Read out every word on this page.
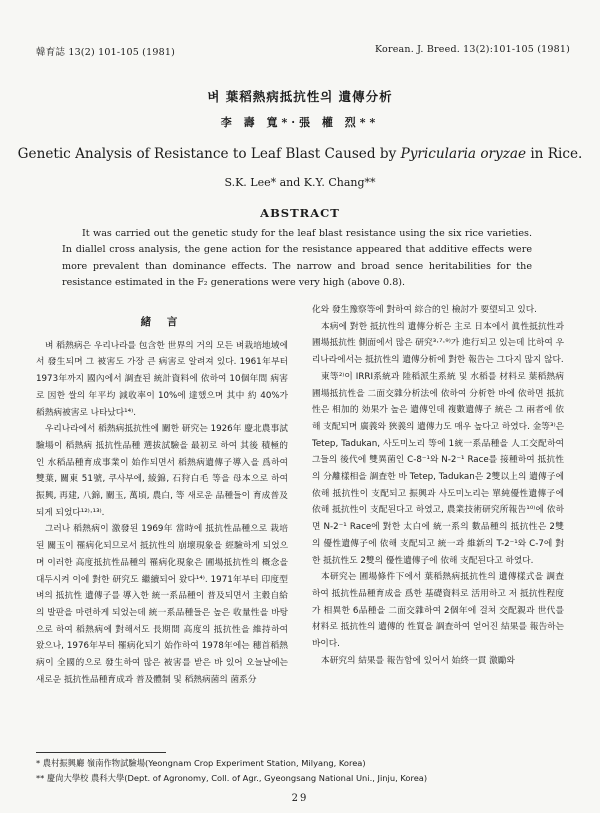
韓育誌 13(2) 101-105 (1981)	Korean. J. Breed. 13(2):101-105 (1981)
벼 葉稻熱病抵抗性의 遺傳分析
李 壽 寬*·張 權 烈**
Genetic Analysis of Resistance to Leaf Blast Caused by Pyricularia oryzae in Rice.
S.K. Lee* and K.Y. Chang**
ABSTRACT
It was carried out the genetic study for the leaf blast resistance using the six rice varieties. In diallel cross analysis, the gene action for the resistance appeared that additive effects were more prevalent than dominance effects. The narrow and broad sence heritabilities for the resistance estimated in the F₂ generations were very high (above 0.8).
緒 言

벼 稻熱病은 우리나라를 包含한 世界의 거의 모든 벼栽培地域에서 發生되며 그 被害도 가장 큰 病害로 알려져 있다. 1961年부터 1973年까지 國內에서 調査된 統計資料에 依하여 10個年間 病害로 因한 쌀의 年平均 減收率이 10%에 達했으며 其中 約 40%가 稻熱病被害로 나타났다¹⁴⁾.

우리나라에서 稻熱病抵抗性에 關한 研究는 1926年 慶北農事試驗場이 稻熱病 抵抗性品種 選拔試驗을 最初로 하여 其後 積極的인 水稻品種育成事業이 始作되면서 稻熱病遺傳子導入을 爲하여 雙葉, 關東 51號, 쿠사부에, 綾錦, 石狩白毛 等을 母本으로 하여 振興, 再建, 八錦, 關玉, 萬頃, 農白, 等 새로운 品種들이 育成普及되게 되었다¹²⁾·¹³⁾.

그러나 稻熱病이 激發된 1969年 當時에 抵抗性品種으로 栽培된 關玉이 罹病化되므로서 抵抗性의 崩壞現象을 經驗하게 되었으며 이러한 高度抵抗性品種의 罹病化現象은 圃場抵抗性의 概念을 대두시켜 이에 對한 研究도 繼續되어 왔다¹⁴⁾. 1971年부터 印度型 벼의 抵抗性 遺傳子를 導入한 統一系品種이 普及되면서 主穀自給의 발판을 마련하게 되었는데 統一系品種들은 높은 收量性을 바탕으로 하여 稻熱病에 對해서도 長期間 高度의 抵抗性을 維持하여 왔으나, 1976年부터 罹病化되기 始作하여 1978年에는 穗首稻熱病이 全國的으로 發生하여 많은 被害를 받은 바 있어 오늘날에는 새로운 抵抗性品種育成과 普及體制 및 稻熱病菌의 菌系分

化와 發生豫察等에 對하여 綜合的인 檢討가 要望되고 있다.

本病에 對한 抵抗性의 遺傳分析은 主로 日本에서 眞性抵抗性과 圃場抵抗性 側面에서 많은 研究³·⁷·⁹⁾가 進行되고 있는데 比하여 우리나라에서는 抵抗性의 遺傳分析에 對한 報告는 그다지 많지 않다.

東等²⁾이 IRRI系統과 陸稻派生系統 및 水稻를 材料로 葉稻熱病 圃場抵抗性을 二面交雜分析法에 依하여 分析한 바에 依하면 抵抗性은 相加的 効果가 높은 遺傳인데 複數遺傳子 統은 그 兩者에 依해 支配되며 廣義와 狹義의 遺傳力도 매우 높다고 하였다. 金等³⁾은 Tetep, Tadukan, 사도미노리 等에 1統一系品種을 人工交配하여 그들의 後代에 雙異菌인 C-8⁻¹와 N-2⁻¹ Race를 接種하여 抵抗性의 分離樣相을 調査한 바 Tetep, Tadukan은 2雙以上의 遺傳子에 依해 抵抗性이 支配되고 振興과 사도미노리는 單純優性遺傳子에 依해 抵抗性이 支配된다고 하였고, 農業技術研究所報告¹⁰⁾에 依하면 N-2⁻¹ Race에 對한 太白에 統一系의 數品種의 抵抗性은 2雙의 優性遺傳子에 依해 支配되고 統一과 維新의 T-2⁻¹와 C-7에 對한 抵抗性도 2雙의 優性遺傳子에 依해 支配된다고 하였다.

本研究는 圃場條件下에서 葉稻熱病抵抗性의 遺傳樣式을 調査하여 抵抗性品種育成을 爲한 基礎資料로 活用하고 저 抵抗性程度가 相異한 6品種을 二面交雜하여 2個年에 걸쳐 交配親과 世代를 材料로 抵抗性의 遺傳的 性質을 調査하여 얻어진 結果를 報告하는 바이다.

本研究의 結果를 報告함에 있어서 始終一貫 激勵와

* 農村振興廳 嶺南作物試驗場(Yeongnam Crop Experiment Station, Milyang, Korea)
** 慶尙大學校 農科大學(Dept. of Agronomy, Coll. of Agr., Gyeongsang National Uni., Jinju, Korea)
29
